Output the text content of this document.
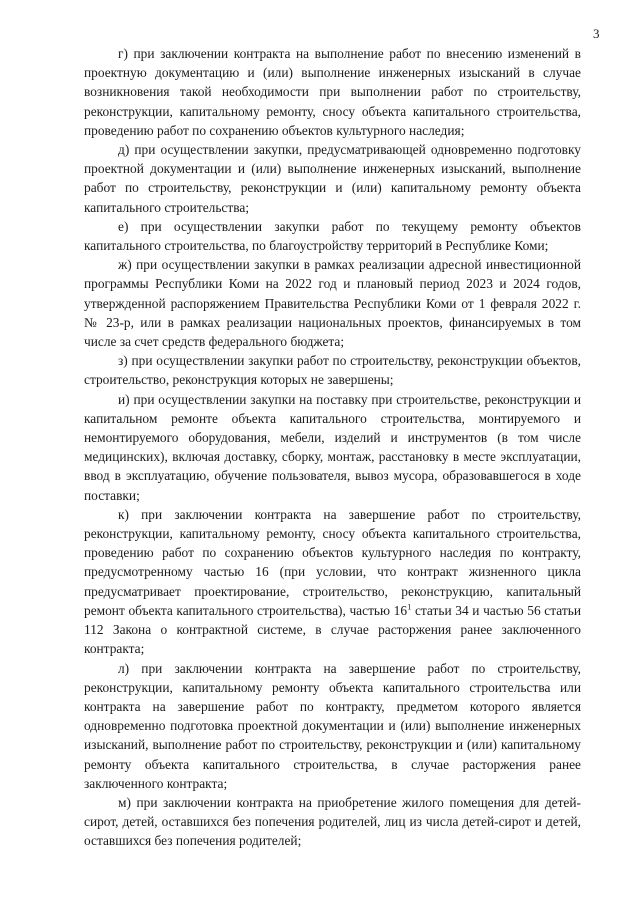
3

г) при заключении контракта на выполнение работ по внесению изменений в проектную документацию и (или) выполнение инженерных изысканий в случае возникновения такой необходимости при выполнении работ по строительству, реконструкции, капитальному ремонту, сносу объекта капитального строительства, проведению работ по сохранению объектов культурного наследия;

д) при осуществлении закупки, предусматривающей одновременно подготовку проектной документации и (или) выполнение инженерных изысканий, выполнение работ по строительству, реконструкции и (или) капитальному ремонту объекта капитального строительства;

е) при осуществлении закупки работ по текущему ремонту объектов капитального строительства, по благоустройству территорий в Республике Коми;

ж) при осуществлении закупки в рамках реализации адресной инвестиционной программы Республики Коми на 2022 год и плановый период 2023 и 2024 годов, утвержденной распоряжением Правительства Республики Коми от 1 февраля 2022 г. № 23-р, или в рамках реализации национальных проектов, финансируемых в том числе за счет средств федерального бюджета;

з) при осуществлении закупки работ по строительству, реконструкции объектов, строительство, реконструкция которых не завершены;

и) при осуществлении закупки на поставку при строительстве, реконструкции и капитальном ремонте объекта капитального строительства, монтируемого и немонтируемого оборудования, мебели, изделий и инструментов (в том числе медицинских), включая доставку, сборку, монтаж, расстановку в месте эксплуатации, ввод в эксплуатацию, обучение пользователя, вывоз мусора, образовавшегося в ходе поставки;

к) при заключении контракта на завершение работ по строительству, реконструкции, капитальному ремонту, сносу объекта капитального строительства, проведению работ по сохранению объектов культурного наследия по контракту, предусмотренному частью 16 (при условии, что контракт жизненного цикла предусматривает проектирование, строительство, реконструкцию, капитальный ремонт объекта капитального строительства), частью $16^1$ статьи 34 и частью 56 статьи 112 Закона о контрактной системе, в случае расторжения ранее заключенного контракта;

л) при заключении контракта на завершение работ по строительству, реконструкции, капитальному ремонту объекта капитального строительства или контракта на завершение работ по контракту, предметом которого является одновременно подготовка проектной документации и (или) выполнение инженерных изысканий, выполнение работ по строительству, реконструкции и (или) капитальному ремонту объекта капитального строительства, в случае расторжения ранее заключенного контракта;

м) при заключении контракта на приобретение жилого помещения для детей-сирот, детей, оставшихся без попечения родителей, лиц из числа детей-сирот и детей, оставшихся без попечения родителей;
